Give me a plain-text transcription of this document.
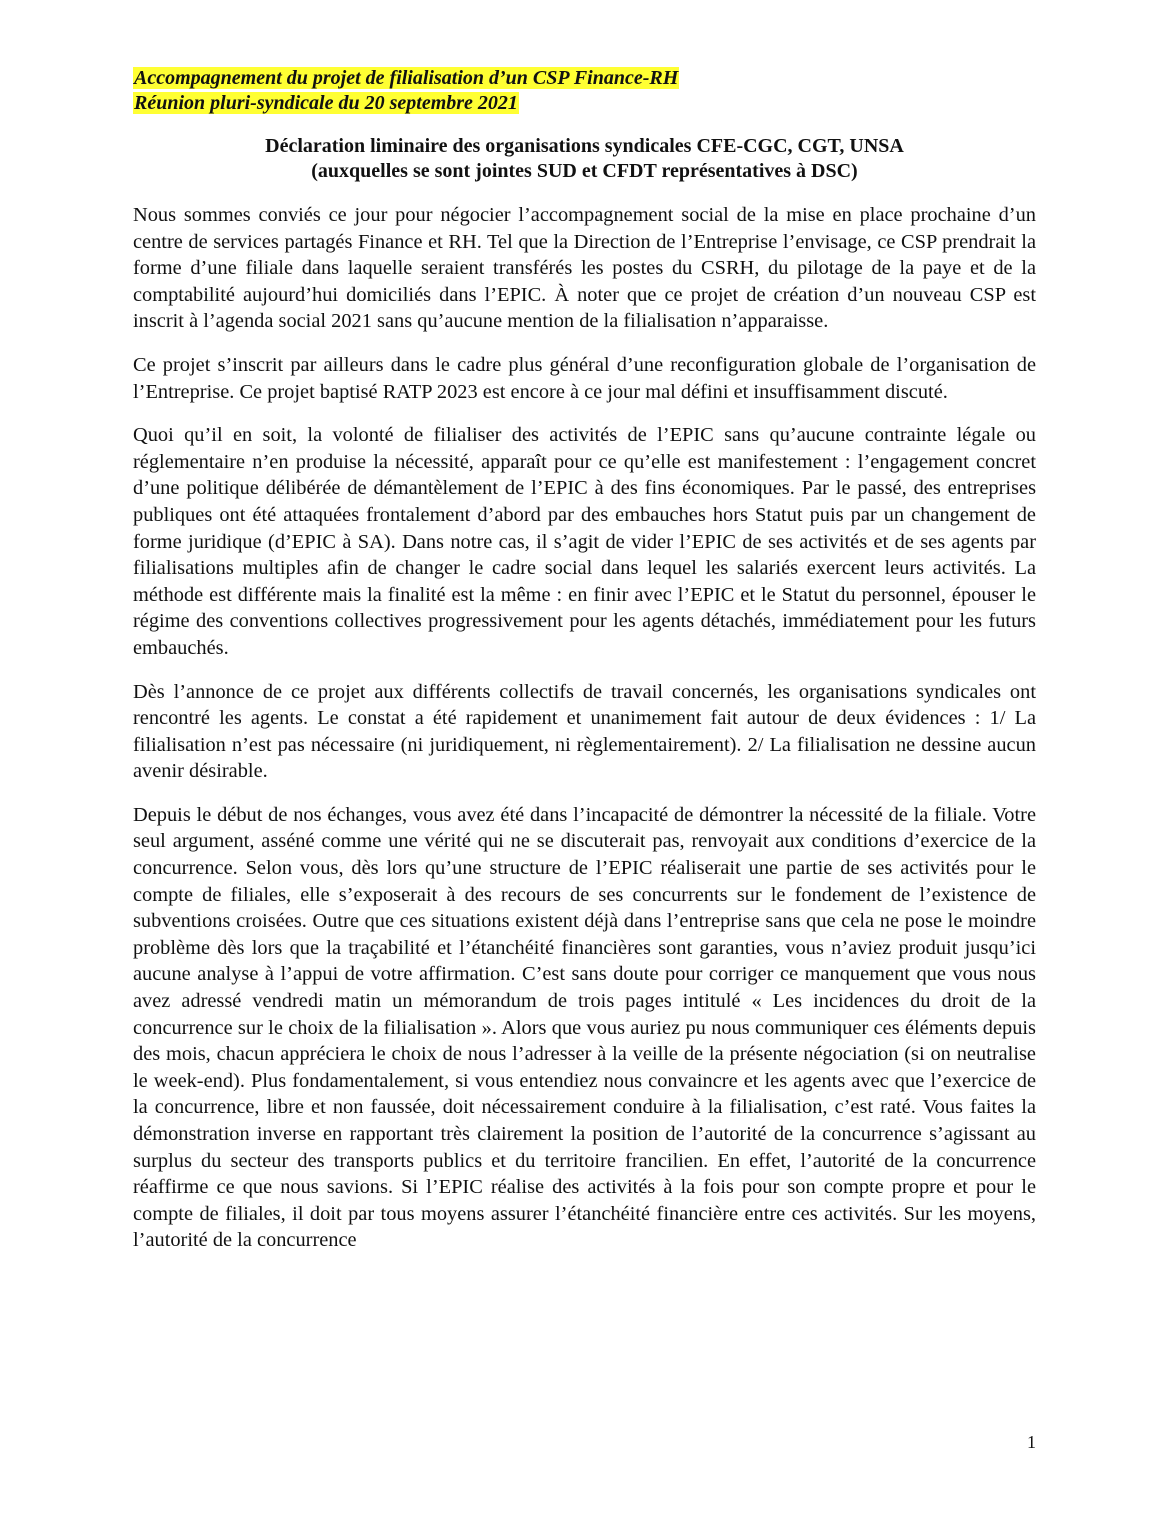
Accompagnement du projet de filialisation d’un CSP Finance-RH
Réunion pluri-syndicale du 20 septembre 2021
Déclaration liminaire des organisations syndicales CFE-CGC, CGT, UNSA
(auxquelles se sont jointes SUD et CFDT représentatives à DSC)

Nous sommes conviés ce jour pour négocier l’accompagnement social de la mise en place prochaine d’un centre de services partagés Finance et RH. Tel que la Direction de l’Entreprise l’envisage, ce CSP prendrait la forme d’une filiale dans laquelle seraient transférés les postes du CSRH, du pilotage de la paye et de la comptabilité aujourd’hui domiciliés dans l’EPIC. À noter que ce projet de création d’un nouveau CSP est inscrit à l’agenda social 2021 sans qu’aucune mention de la filialisation n’apparaisse.

Ce projet s’inscrit par ailleurs dans le cadre plus général d’une reconfiguration globale de l’organisation de l’Entreprise. Ce projet baptisé RATP 2023 est encore à ce jour mal défini et insuffisamment discuté.

Quoi qu’il en soit, la volonté de filialiser des activités de l’EPIC sans qu’aucune contrainte légale ou réglementaire n’en produise la nécessité, apparaît pour ce qu’elle est manifestement : l’engagement concret d’une politique délibérée de démantèlement de l’EPIC à des fins économiques. Par le passé, des entreprises publiques ont été attaquées frontalement d’abord par des embauches hors Statut puis par un changement de forme juridique (d’EPIC à SA). Dans notre cas, il s’agit de vider l’EPIC de ses activités et de ses agents par filialisations multiples afin de changer le cadre social dans lequel les salariés exercent leurs activités. La méthode est différente mais la finalité est la même : en finir avec l’EPIC et le Statut du personnel, épouser le régime des conventions collectives progressivement pour les agents détachés, immédiatement pour les futurs embauchés.

Dès l’annonce de ce projet aux différents collectifs de travail concernés, les organisations syndicales ont rencontré les agents. Le constat a été rapidement et unanimement fait autour de deux évidences : 1/ La filialisation n’est pas nécessaire (ni juridiquement, ni règlementairement). 2/ La filialisation ne dessine aucun avenir désirable.

Depuis le début de nos échanges, vous avez été dans l’incapacité de démontrer la nécessité de la filiale. Votre seul argument, asséné comme une vérité qui ne se discuterait pas, renvoyait aux conditions d’exercice de la concurrence. Selon vous, dès lors qu’une structure de l’EPIC réaliserait une partie de ses activités pour le compte de filiales, elle s’exposerait à des recours de ses concurrents sur le fondement de l’existence de subventions croisées. Outre que ces situations existent déjà dans l’entreprise sans que cela ne pose le moindre problème dès lors que la traçabilité et l’étanchéité financières sont garanties, vous n’aviez produit jusqu’ici aucune analyse à l’appui de votre affirmation. C’est sans doute pour corriger ce manquement que vous nous avez adressé vendredi matin un mémorandum de trois pages intitulé « Les incidences du droit de la concurrence sur le choix de la filialisation ». Alors que vous auriez pu nous communiquer ces éléments depuis des mois, chacun appréciera le choix de nous l’adresser à la veille de la présente négociation (si on neutralise le week-end). Plus fondamentalement, si vous entendiez nous convaincre et les agents avec que l’exercice de la concurrence, libre et non faussée, doit nécessairement conduire à la filialisation, c’est raté. Vous faites la démonstration inverse en rapportant très clairement la position de l’autorité de la concurrence s’agissant au surplus du secteur des transports publics et du territoire francilien. En effet, l’autorité de la concurrence réaffirme ce que nous savions. Si l’EPIC réalise des activités à la fois pour son compte propre et pour le compte de filiales, il doit par tous moyens assurer l’étanchéité financière entre ces activités. Sur les moyens, l’autorité de la concurrence

1
